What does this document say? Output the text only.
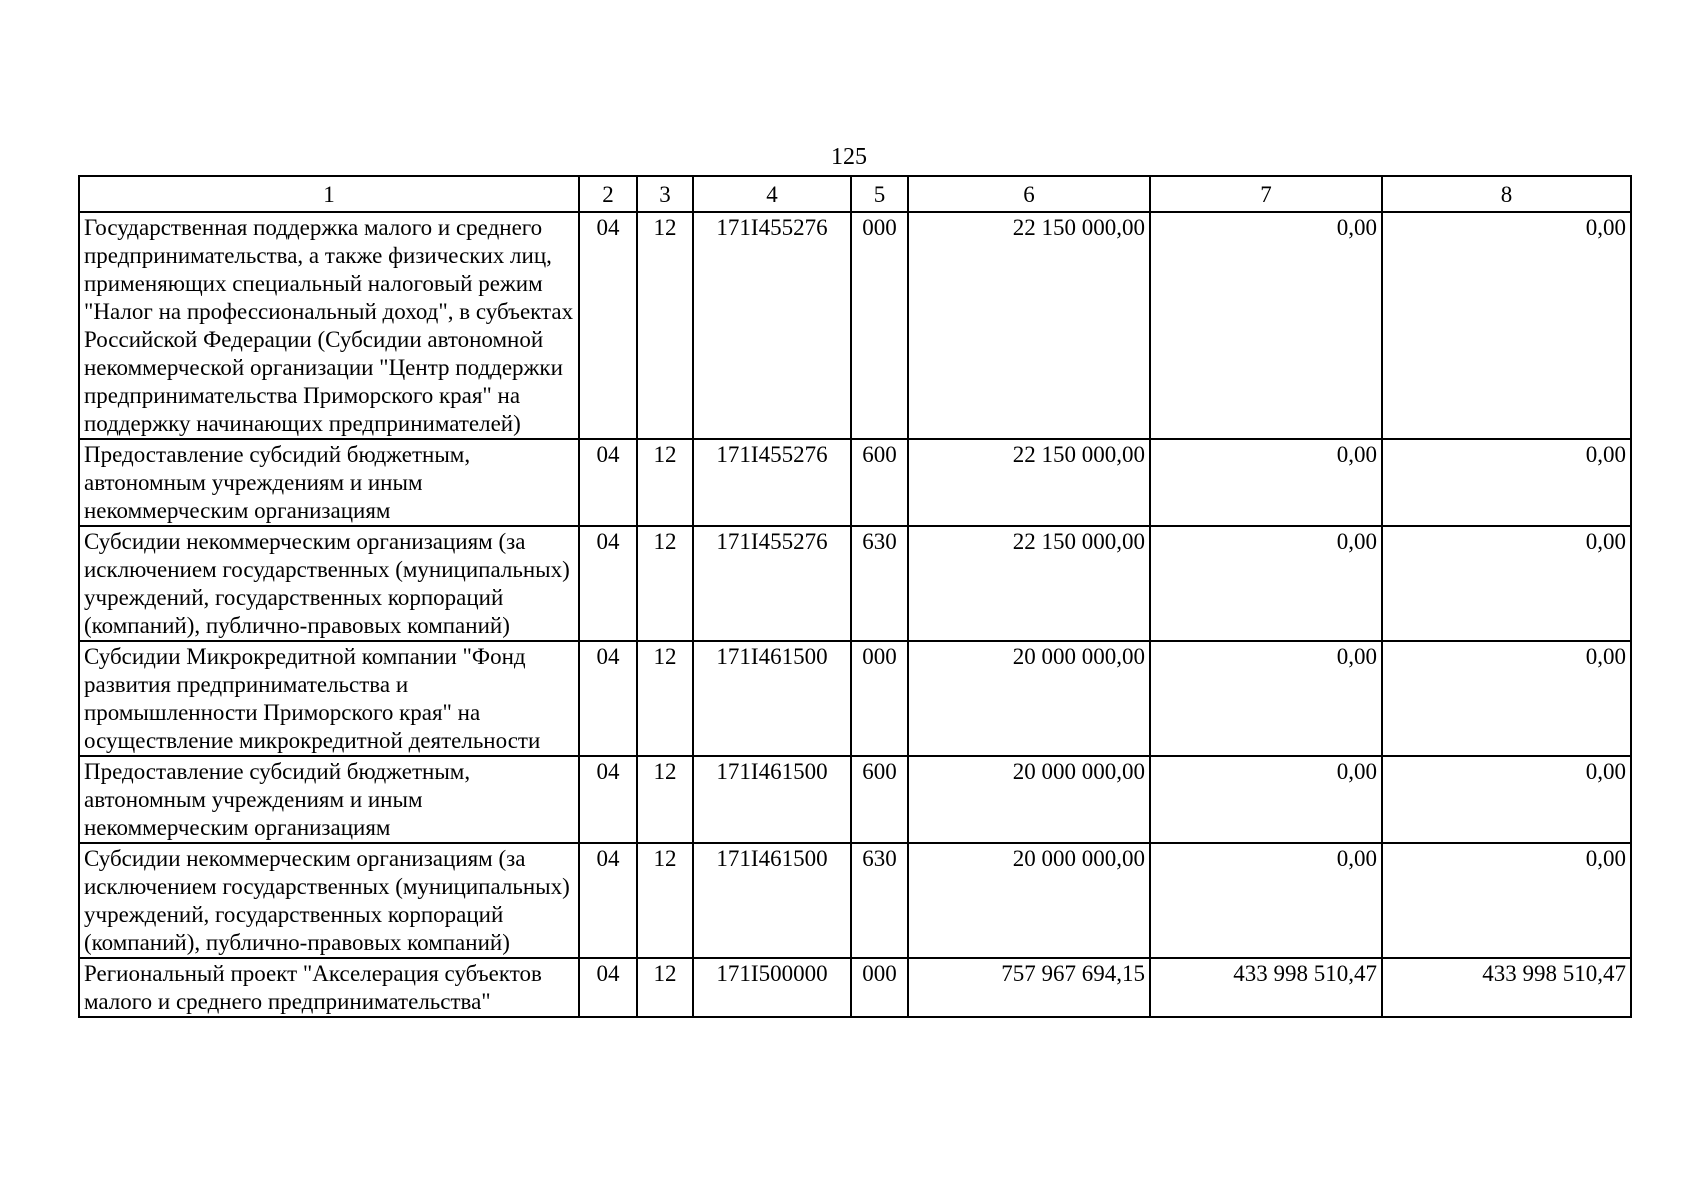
125
1	2	3	4	5	6	7	8
Государственная поддержка малого и среднего предпринимательства, а также физических лиц, применяющих специальный налоговый режим "Налог на профессиональный доход", в субъектах Российской Федерации (Субсидии автономной некоммерческой организации "Центр поддержки предпринимательства Приморского края" на поддержку начинающих предпринимателей)	04	12	171I455276	000	22 150 000,00	0,00	0,00
Предоставление субсидий бюджетным, автономным учреждениям и иным некоммерческим организациям	04	12	171I455276	600	22 150 000,00	0,00	0,00
Субсидии некоммерческим организациям (за исключением государственных (муниципальных) учреждений, государственных корпораций (компаний), публично-правовых компаний)	04	12	171I455276	630	22 150 000,00	0,00	0,00
Субсидии Микрокредитной компании "Фонд развития предпринимательства и промышленности Приморского края" на осуществление микрокредитной деятельности	04	12	171I461500	000	20 000 000,00	0,00	0,00
Предоставление субсидий бюджетным, автономным учреждениям и иным некоммерческим организациям	04	12	171I461500	600	20 000 000,00	0,00	0,00
Субсидии некоммерческим организациям (за исключением государственных (муниципальных) учреждений, государственных корпораций (компаний), публично-правовых компаний)	04	12	171I461500	630	20 000 000,00	0,00	0,00
Региональный проект "Акселерация субъектов малого и среднего предпринимательства"	04	12	171I500000	000	757 967 694,15	433 998 510,47	433 998 510,47
